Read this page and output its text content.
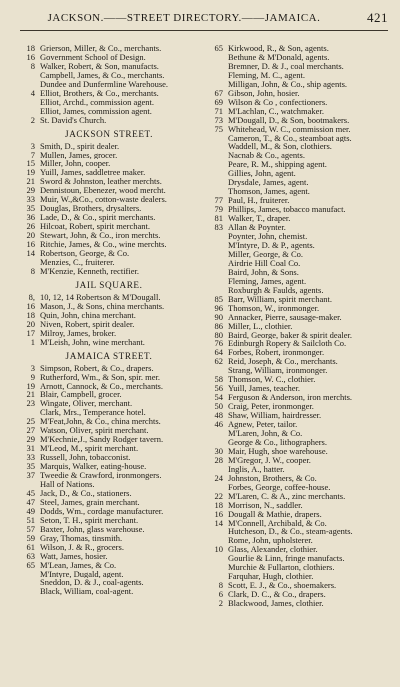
JACKSON.——STREET DIRECTORY.——JAMAICA.	421
18 Grierson, Miller, & Co., merchants.
16 Government School of Design.
8 Walker, Robert, & Son, manufacts.
Campbell, James, & Co., merchants.
Dundee and Dunfermline Warehouse.
4 Elliot, Brothers, & Co., merchants.
Elliot, Archd., commission agent.
Elliot, James, commission agent.
2 St. David's Church.
JACKSON STREET.
3 Smith, D., spirit dealer.
7 Mullen, James, grocer.
15 Miller, John, cooper.
19 Yuill, James, saddletree maker.
21 Sword & Johnston, leather merchts.
29 Dennistoun, Ebenezer, wood mercht.
33 Muir, W.,&Co., cotton-waste dealers.
35 Douglas, Brothers, drysalters.
36 Lade, D., & Co., spirit merchants.
26 Hilcoat, Robert, spirit merchant.
20 Stewart, John, & Co., iron merchts.
16 Ritchie, James, & Co., wine merchts.
14 Robertson, George, & Co.
Menzies, C., fruiterer.
8 M'Kenzie, Kenneth, rectifier.
JAIL SQUARE.
8, 10, 12, 14 Robertson & M'Dougall.
16 Mason, J., & Sons, china merchants.
18 Quin, John, china merchant.
20 Niven, Robert, spirit dealer.
17 Milroy, James, broker.
1 M'Leish, John, wine merchant.
JAMAICA STREET.
3 Simpson, Robert, & Co., drapers.
9 Rutherford, Wm., & Son, spir. mer.
19 Arnott, Cannock, & Co., merchants.
21 Blair, Campbell, grocer.
23 Wingate, Oliver, merchant.
Clark, Mrs., Temperance hotel.
25 M'Feat,John, & Co., china merchts.
27 Watson, Oliver, spirit merchant.
29 M'Kechnie,J., Sandy Rodger tavern.
31 M'Leod, M., spirit merchant.
33 Russell, John, tobacconist.
35 Marquis, Walker, eating-house.
37 Tweedie & Crawford, ironmongers.
Hall of Nations.
45 Jack, D., & Co., stationers.
47 Steel, James, grain merchant.
49 Dodds, Wm., cordage manufacturer.
51 Seton, T. H., spirit merchant.
57 Baxter, John, glass warehouse.
59 Gray, Thomas, tinsmith.
61 Wilson, J. & R., grocers.
63 Watt, James, hosier.
65 M'Lean, James, & Co.
M'Intyre, Dugald, agent.
Sneddon, D. & J., coal-agents.
Black, William, coal-agent.
65 Kirkwood, R., & Son, agents.
Bethune & M'Donald, agents.
Bremner, D. & J., coal merchants.
Fleming, M. C., agent.
Milligan, John, & Co., ship agents.
67 Gibson, John, hosier.
69 Wilson & Co , confectioners.
71 M'Lachlan, C., watchmaker.
73 M'Dougall, D., & Son, bootmakers.
75 Whitehead, W. C., commission mer.
Cameron, T., & Co., steamboat agts.
Waddell, M., & Son, clothiers.
Nacnab & Co., agents.
Peare, R. M., shipping agent.
Gillies, John, agent.
Drysdale, James, agent.
Thomson, James, agent.
77 Paul, H., fruiterer.
79 Phillips, James, tobacco manufact.
81 Walker, T., draper.
83 Allan & Poynter.
Poynter, John, chemist.
M'Intyre, D. & P., agents.
Miller, George, & Co.
Airdrie Hill Coal Co.
Baird, John, & Sons.
Fleming, James, agent.
Roxburgh & Faulds, agents.
85 Barr, William, spirit merchant.
96 Thomson, W., ironmonger.
90 Annacker, Pierre, sausage-maker.
86 Miller, L., clothier.
80 Baird, George, baker & spirit dealer.
76 Edinburgh Ropery & Sailcloth Co.
64 Forbes, Robert, ironmonger.
62 Reid, Joseph, & Co., merchants.
Strang, William, ironmonger.
58 Thomson, W. C., clothier.
56 Yuill, James, teacher.
54 Ferguson & Anderson, iron merchts.
50 Craig, Peter, ironmonger.
48 Shaw, William, hairdresser.
46 Agnew, Peter, tailor.
M'Laren, John, & Co.
George & Co., lithographers.
30 Mair, Hugh, shoe warehouse.
28 M'Gregor, J. W., cooper.
Inglis, A., hatter.
24 Johnston, Brothers, & Co.
Forbes, George, coffee-house.
22 M'Laren, C. & A., zinc merchants.
18 Morrison, N., saddler.
16 Dougall & Mathie, drapers.
14 M'Connell, Archibald, & Co.
Hutcheson, D., & Co., steam-agents.
Rome, John, upholsterer.
10 Glass, Alexander, clothier.
Gourlie & Linn, fringe manufacts.
Murchie & Fullarton, clothiers.
Farquhar, Hugh, clothier.
8 Scott, E. J., & Co., shoemakers.
6 Clark, D. C., & Co., drapers.
2 Blackwood, James, clothier.
